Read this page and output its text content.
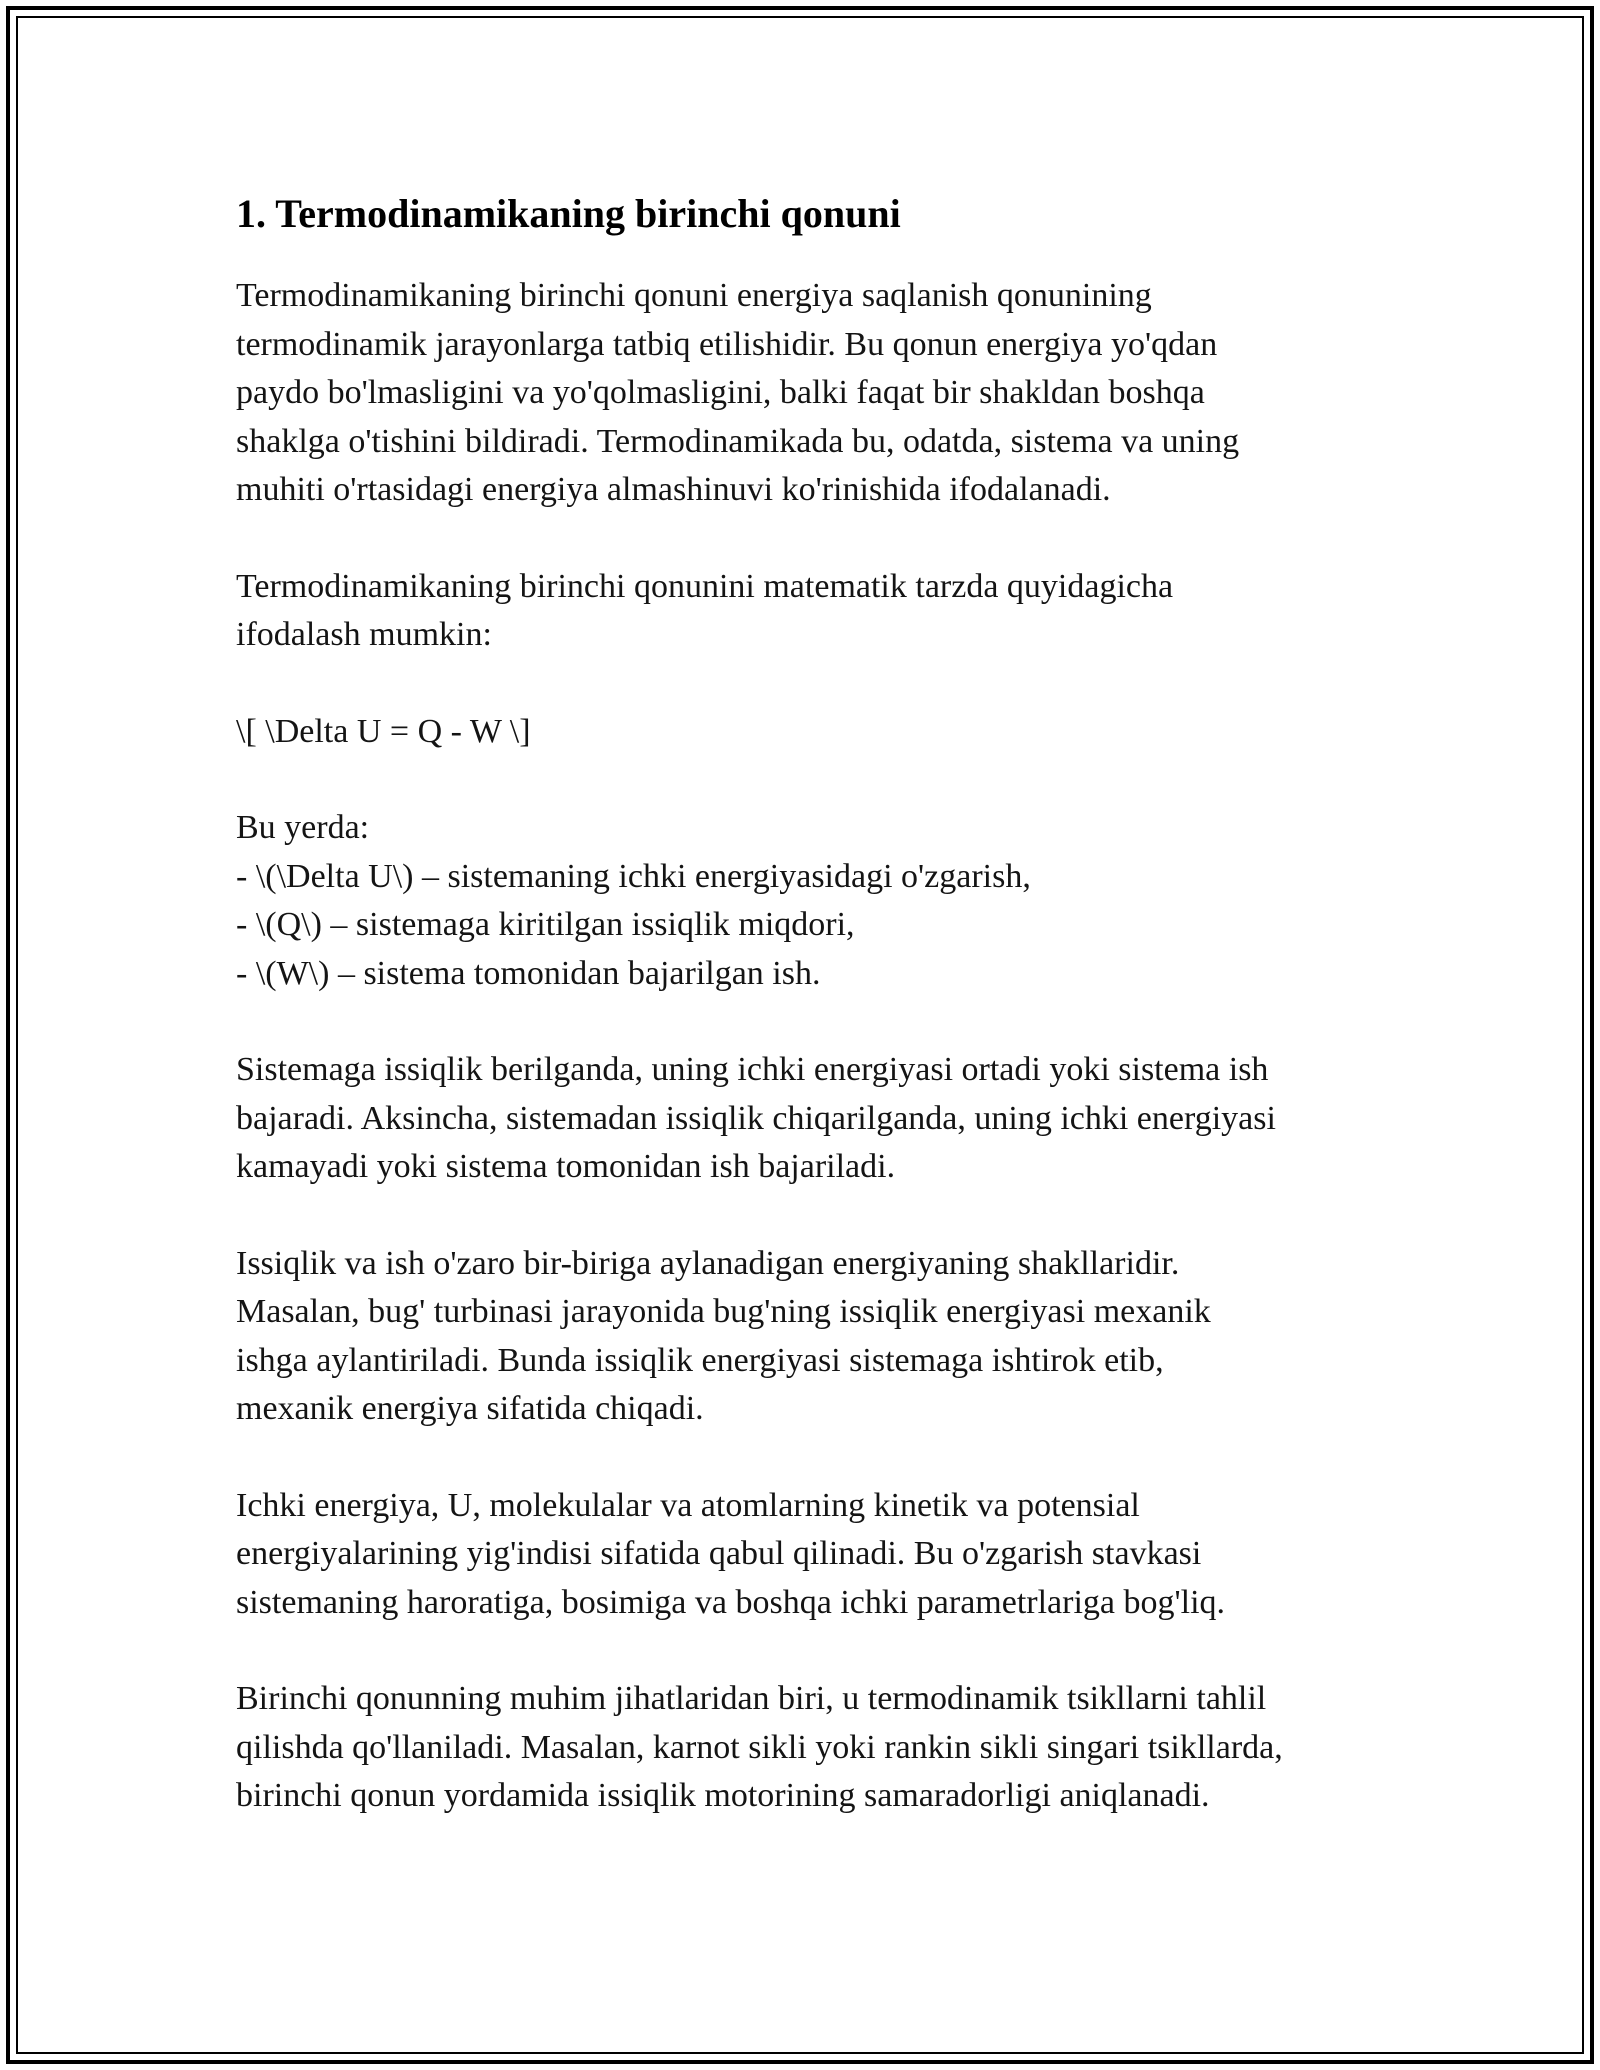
1. Termodinamikaning birinchi qonuni

Termodinamikaning birinchi qonuni energiya saqlanish qonunining
termodinamik jarayonlarga tatbiq etilishidir. Bu qonun energiya yo'qdan
paydo bo'lmasligini va yo'qolmasligini, balki faqat bir shakldan boshqa
shaklga o'tishini bildiradi. Termodinamikada bu, odatda, sistema va uning
muhiti o'rtasidagi energiya almashinuvi ko'rinishida ifodalanadi.

Termodinamikaning birinchi qonunini matematik tarzda quyidagicha
ifodalash mumkin:

\[ \Delta U = Q - W \]

Bu yerda:
- \(\Delta U\) – sistemaning ichki energiyasidagi o'zgarish,
- \(Q\) – sistemaga kiritilgan issiqlik miqdori,
- \(W\) – sistema tomonidan bajarilgan ish.

Sistemaga issiqlik berilganda, uning ichki energiyasi ortadi yoki sistema ish
bajaradi. Aksincha, sistemadan issiqlik chiqarilganda, uning ichki energiyasi
kamayadi yoki sistema tomonidan ish bajariladi.

Issiqlik va ish o'zaro bir-biriga aylanadigan energiyaning shakllaridir.
Masalan, bug' turbinasi jarayonida bug'ning issiqlik energiyasi mexanik
ishga aylantiriladi. Bunda issiqlik energiyasi sistemaga ishtirok etib,
mexanik energiya sifatida chiqadi.

Ichki energiya, U, molekulalar va atomlarning kinetik va potensial
energiyalarining yig'indisi sifatida qabul qilinadi. Bu o'zgarish stavkasi
sistemaning haroratiga, bosimiga va boshqa ichki parametrlariga bog'liq.

Birinchi qonunning muhim jihatlaridan biri, u termodinamik tsikllarni tahlil
qilishda qo'llaniladi. Masalan, karnot sikli yoki rankin sikli singari tsikllarda,
birinchi qonun yordamida issiqlik motorining samaradorligi aniqlanadi.
